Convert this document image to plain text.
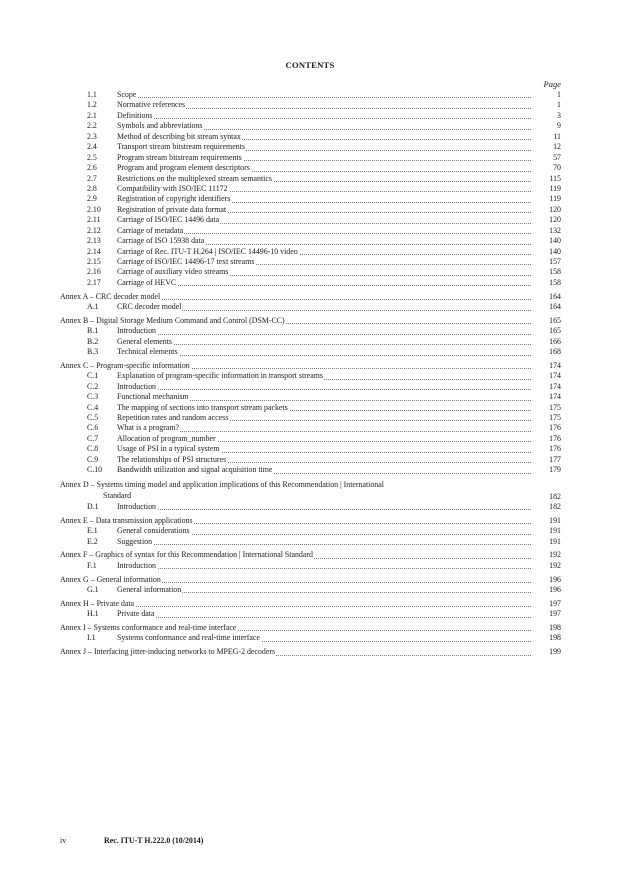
CONTENTS
Page
1.1	Scope	1
1.2	Normative references	1
2.1	Definitions	3
2.2	Symbols and abbreviations	9
2.3	Method of describing bit stream syntax	11
2.4	Transport stream bitstream requirements	12
2.5	Program stream bitstream requirements	57
2.6	Program and program element descriptors	70
2.7	Restrictions on the multiplexed stream semantics	115
2.8	Compatibility with ISO/IEC 11172	119
2.9	Registration of copyright identifiers	119
2.10	Registration of private data format	120
2.11	Carriage of ISO/IEC 14496 data	120
2.12	Carriage of metadata	132
2.13	Carriage of ISO 15938 data	140
2.14	Carriage of Rec. ITU-T H.264 | ISO/IEC 14496-10 video	140
2.15	Carriage of ISO/IEC 14496-17 text streams	157
2.16	Carriage of auxiliary video streams	158
2.17	Carriage of HEVC	158
Annex A – CRC decoder model	164
A.1	CRC decoder model	164
Annex B – Digital Storage Medium Command and Control (DSM-CC)	165
B.1	Introduction	165
B.2	General elements	166
B.3	Technical elements	168
Annex C – Program-specific information	174
C.1	Explanation of program-specific information in transport streams	174
C.2	Introduction	174
C.3	Functional mechanism	174
C.4	The mapping of sections into transport stream packets	175
C.5	Repetition rates and random access	175
C.6	What is a program?	176
C.7	Allocation of program_number	176
C.8	Usage of PSI in a typical system	176
C.9	The relationships of PSI structures	177
C.10	Bandwidth utilization and signal acquisition time	179
Annex D – Systems timing model and application implications of this Recommendation | International
Standard	182
D.1	Introduction	182
Annex E – Data transmission applications	191
E.1	General considerations	191
E.2	Suggestion	191
Annex F – Graphics of syntax for this Recommendation | International Standard	192
F.1	Introduction	192
Annex G – General information	196
G.1	General information	196
Annex H – Private data	197
H.1	Private data	197
Annex I – Systems conformance and real-time interface	198
I.1	Systems conformance and real-time interface	198
Annex J – Interfacing jitter-inducing networks to MPEG-2 decoders	199
iv	Rec. ITU-T H.222.0 (10/2014)
